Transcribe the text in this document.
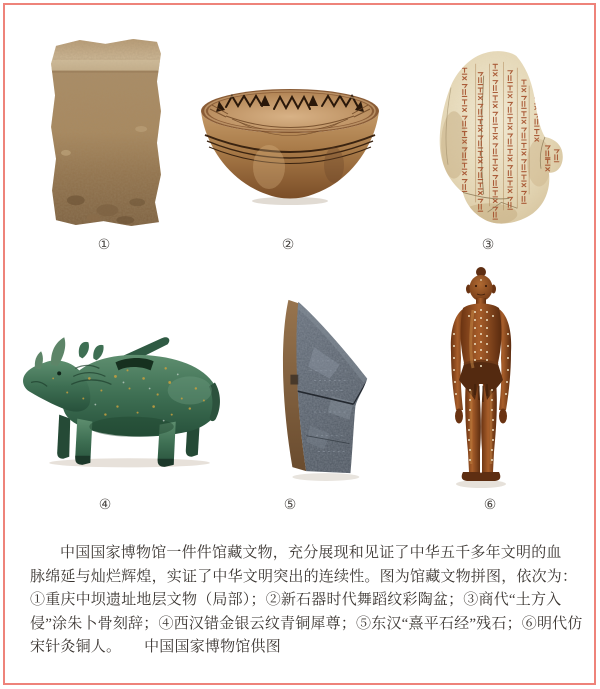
①	②	③
④	⑤	⑥
中国国家博物馆一件件馆藏文物，充分展现和见证了中华五千多年文明的血
脉绵延与灿烂辉煌，实证了中华文明突出的连续性。图为馆藏文物拼图，依次为：
①重庆中坝遗址地层文物（局部）；②新石器时代舞蹈纹彩陶盆；③商代“土方入
侵”涂朱卜骨刻辞；④西汉错金银云纹青铜犀尊；⑤东汉“熹平石经”残石；⑥明代仿
宋针灸铜人。　　中国国家博物馆供图
